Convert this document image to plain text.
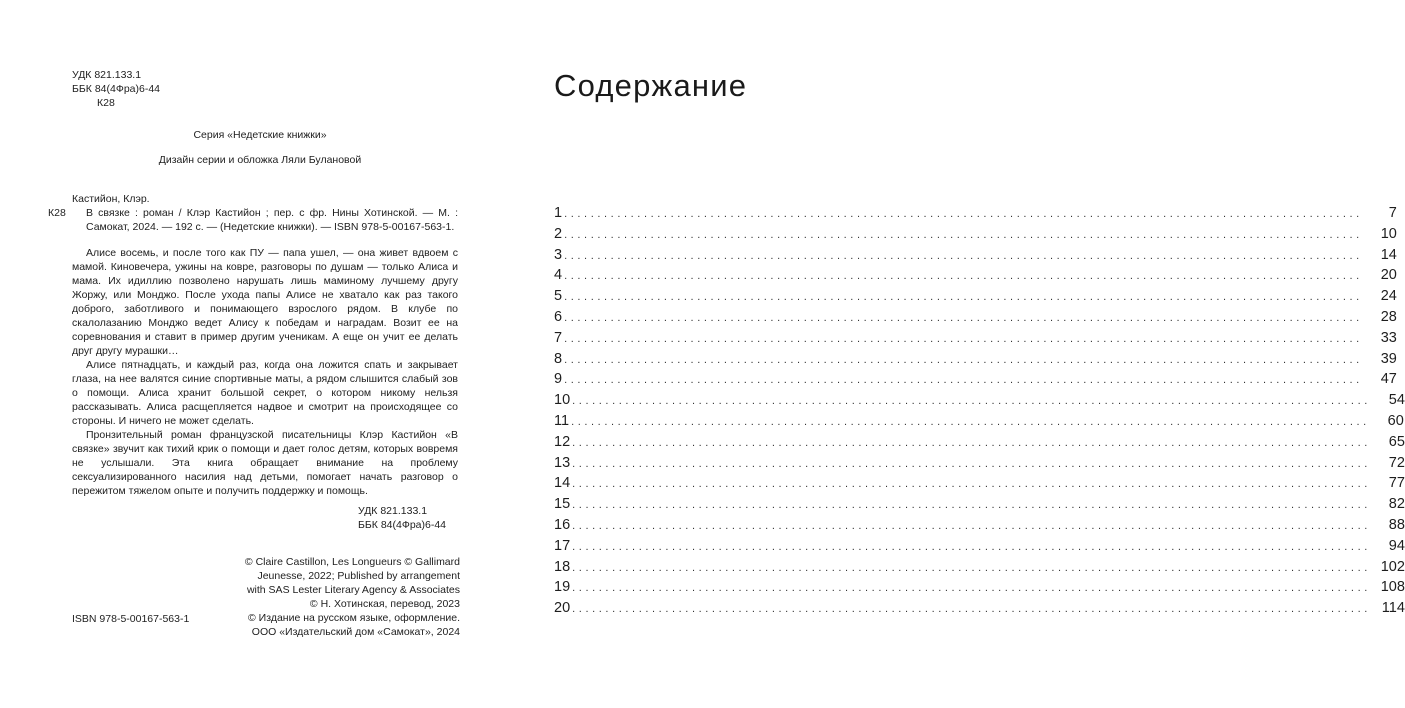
УДК 821.133.1
ББК 84(4Фра)6-44
К28
Серия «Недетские книжки»
Дизайн серии и обложка Ляли Булановой
Кастийон, Клэр.
К28 В связке : роман / Клэр Кастийон ; пер. с фр. Нины Хотинской. — М. : Самокат, 2024. — 192 с. — (Недетские книжки). — ISBN 978-5-00167-563-1.

Алисе восемь, и после того как ПУ — папа ушел, — она живет вдвоем с мамой. Киновечера, ужины на ковре, разговоры по душам — только Алиса и мама. Их идиллию позволено нарушать лишь маминому лучшему другу Жоржу, или Монджо. После ухода папы Алисе не хватало как раз такого доброго, заботливого и понимающего взрослого рядом. В клубе по скалолазанию Монджо ведет Алису к победам и наградам. Возит ее на соревнования и ставит в пример другим ученикам. А еще он учит ее делать друг другу мурашки…

Алисе пятнадцать, и каждый раз, когда она ложится спать и закрывает глаза, на нее валятся синие спортивные маты, а рядом слышится слабый зов о помощи. Алиса хранит большой секрет, о котором никому нельзя рассказывать. Алиса расщепляется надвое и смотрит на происходящее со стороны. И ничего не может сделать.

Пронзительный роман французской писательницы Клэр Кастийон «В связке» звучит как тихий крик о помощи и дает голос детям, которых вовремя не услышали. Эта книга обращает внимание на проблему сексуализированного насилия над детьми, помогает начать разговор о пережитом тяжелом опыте и получить поддержку и помощь.

УДК 821.133.1
ББК 84(4Фра)6-44
© Claire Castillon, Les Longueurs © Gallimard
Jeunesse, 2022; Published by arrangement
with SAS Lester Literary Agency & Associates
© Н. Хотинская, перевод, 2023
© Издание на русском языке, оформление.
ООО «Издательский дом «Самокат», 2024
ISBN 978-5-00167-563-1
Содержание
1 ........................................................................................................................	7
2 ........................................................................................................................	10
3 ........................................................................................................................	14
4 ........................................................................................................................	20
5 ........................................................................................................................	24
6 ........................................................................................................................	28
7 ........................................................................................................................	33
8 ........................................................................................................................	39
9 ........................................................................................................................	47
10 ........................................................................................................................	54
11 ........................................................................................................................	60
12 ........................................................................................................................	65
13 ........................................................................................................................	72
14 ........................................................................................................................	77
15 ........................................................................................................................	82
16 ........................................................................................................................	88
17 ........................................................................................................................	94
18 ........................................................................................................................ 102
19 ........................................................................................................................ 108
20 ........................................................................................................................ 114
